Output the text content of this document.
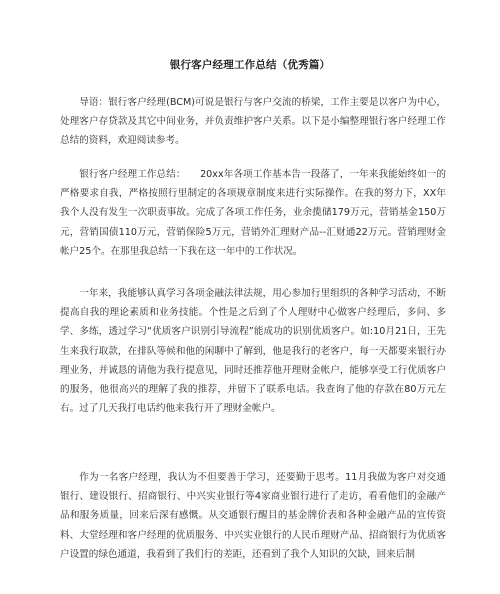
银行客户经理工作总结（优秀篇）

导语：银行客户经理(BCM)可说是银行与客户交流的桥梁，工作主要是以客户为中心，处理客户存贷款及其它中间业务，并负责维护客户关系。以下是小编整理银行客户经理工作总结的资料，欢迎阅读参考。

银行客户经理工作总结：　　20xx年各项工作基本告一段落了，一年来我能始终如一的严格要求自我，严格按照行里制定的各项规章制度来进行实际操作。在我的努力下，XX年我个人没有发生一次职责事故。完成了各项工作任务，业余揽储179万元，营销基金150万元，营销国债110万元，营销保险5万元，营销外汇理财产品--汇财通22万元。营销理财金帐户25个。在那里我总结一下我在这一年中的工作状况。

一年来，我能够认真学习各项金融法律法规，用心参加行里组织的各种学习活动，不断提高自我的理论素质和业务技能。个性是之后到了个人理财中心做客户经理后，多问、多学、多练，透过学习“优质客户识别引导流程”能成功的识别优质客户。如:10月21日，王先生来我行取款，在排队等候和他的闲聊中了解到，他是我行的老客户，每一天都要来银行办理业务，并诚恳的请他为我行提意见，同时还推荐他开理财金帐户，能够享受工行优质客户的服务，他很高兴的理解了我的推荐，并留下了联系电话。我查询了他的存款在80万元左右。过了几天我打电话约他来我行开了理财金帐户。

作为一名客户经理，我认为不但要善于学习，还要勤于思考。11月我做为客户对交通银行、建设银行、招商银行、中兴实业银行等4家商业银行进行了走访，看看他们的金融产品和服务质量，回来后深有感慨。从交通银行醒目的基金牌价表和各种金融产品的宣传资料、大堂经理和客户经理的优质服务、中兴实业银行的人民币理财产品、招商银行为优质客户设置的绿色通道，我看到了我们行的差距，还看到了我个人知识的欠缺，回来后制
